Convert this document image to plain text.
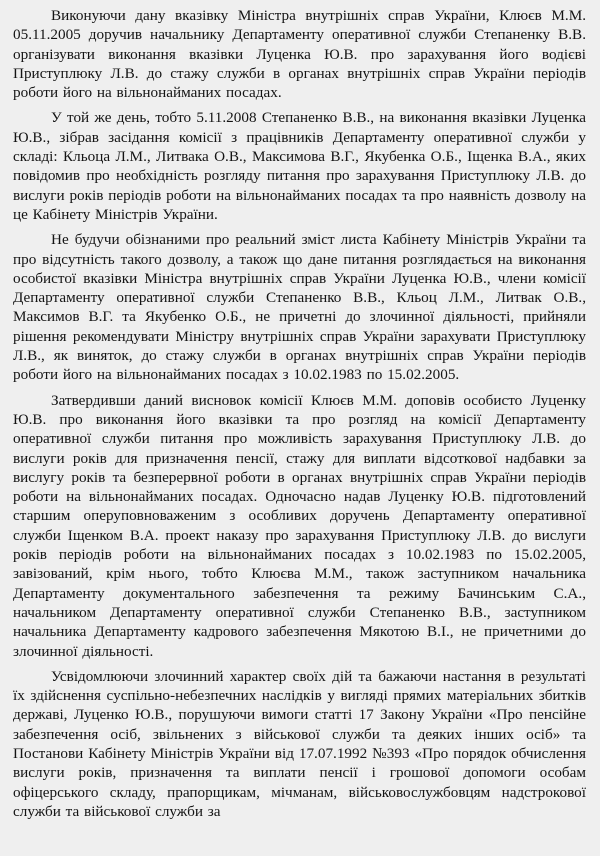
Виконуючи дану вказівку Міністра внутрішніх справ України, Клюєв М.М. 05.11.2005 доручив начальнику Департаменту оперативної служби Степаненку В.В. організувати виконання вказівки Луценка Ю.В. про зарахування його водієві Приступлюку Л.В. до стажу служби в органах внутрішніх справ України періодів роботи його на вільнонайманих посадах.

У той же день, тобто 5.11.2008 Степаненко В.В., на виконання вказівки Луценка Ю.В., зібрав засідання комісії з працівників Департаменту оперативної служби у складі: Кльоца Л.М., Литвака О.В., Максимова В.Г., Якубенка О.Б., Іщенка В.А., яких повідомив про необхідність розгляду питання про зарахування Приступлюку Л.В. до вислуги років періодів роботи на вільнонайманих посадах та про наявність дозволу на це Кабінету Міністрів України.

Не будучи обізнаними про реальний зміст листа Кабінету Міністрів України та про відсутність такого дозволу, а також що дане питання розглядається на виконання особистої вказівки Міністра внутрішніх справ України Луценка Ю.В., члени комісії Департаменту оперативної служби Степаненко В.В., Кльоц Л.М., Литвак О.В., Максимов В.Г. та Якубенко О.Б., не причетні до злочинної діяльності, прийняли рішення рекомендувати Міністру внутрішніх справ України зарахувати Приступлюку Л.В., як виняток, до стажу служби в органах внутрішніх справ України періодів роботи його на вільнонайманих посадах з 10.02.1983 по 15.02.2005.

Затвердивши даний висновок комісії Клюєв М.М. доповів особисто Луценку Ю.В. про виконання його вказівки та про розгляд на комісії Департаменту оперативної служби питання про можливість зарахування Приступлюку Л.В. до вислуги років для призначення пенсії, стажу для виплати відсоткової надбавки за вислугу років та безперервної роботи в органах внутрішніх справ України періодів роботи на вільнонайманих посадах. Одночасно надав Луценку Ю.В. підготовлений старшим оперуповноваженим з особливих доручень Департаменту оперативної служби Іщенком В.А. проект наказу про зарахування Приступлюку Л.В. до вислуги років періодів роботи на вільнонайманих посадах з 10.02.1983 по 15.02.2005, завізований, крім нього, тобто Клюєва М.М., також заступником начальника Департаменту документального забезпечення та режиму Бачинським С.А., начальником Департаменту оперативної служби Степаненко В.В., заступником начальника Департаменту кадрового забезпечення Мякотою В.І., не причетними до злочинної діяльності.

Усвідомлюючи злочинний характер своїх дій та бажаючи настання в результаті їх здійснення суспільно-небезпечних наслідків у вигляді прямих матеріальних збитків державі, Луценко Ю.В., порушуючи вимоги статті 17 Закону України «Про пенсійне забезпечення осіб, звільнених з військової служби та деяких інших осіб» та Постанови Кабінету Міністрів України від 17.07.1992 №393 «Про порядок обчислення вислуги років, призначення та виплати пенсії і грошової допомоги особам офіцерського складу, прапорщикам, мічманам, військовослужбовцям надстрокової служби та військової служби за
